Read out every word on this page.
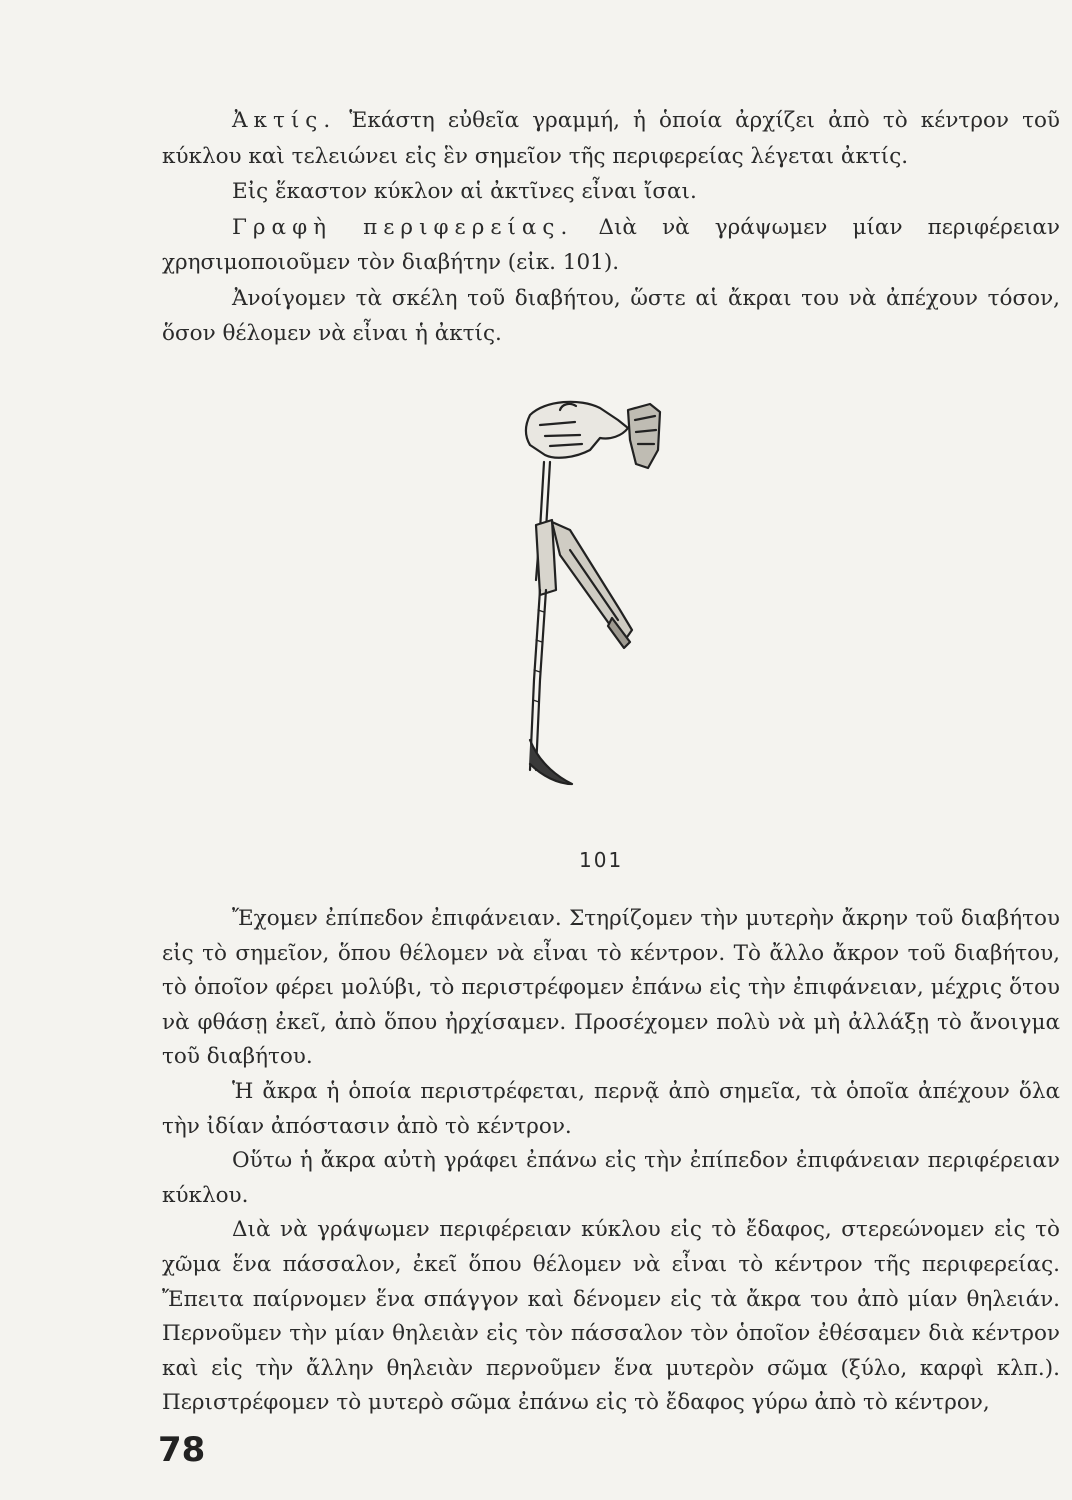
Ἀκτίς. Ἑκάστη εὐθεῖα γραμμή, ἡ ὁποία ἀρχίζει ἀπὸ τὸ κέντρον τοῦ κύκλου καὶ τελειώνει εἰς ἓν σημεῖον τῆς περιφερείας λέγεται ἀκτίς.

Εἰς ἕκαστον κύκλον αἱ ἀκτῖνες εἶναι ἴσαι.

Γραφὴ περιφερείας. Διὰ νὰ γράψωμεν μίαν περιφέρειαν χρησιμοποιοῦμεν τὸν διαβήτην (εἰκ. 101).

Ἀνοίγομεν τὰ σκέλη τοῦ διαβήτου, ὥστε αἱ ἄκραι του νὰ ἀπέχουν τόσον, ὅσον θέλομεν νὰ εἶναι ἡ ἀκτίς.

101

Ἔχομεν ἐπίπεδον ἐπιφάνειαν. Στηρίζομεν τὴν μυτερὴν ἄκρην τοῦ διαβήτου εἰς τὸ σημεῖον, ὅπου θέλομεν νὰ εἶναι τὸ κέντρον. Τὸ ἄλλο ἄκρον τοῦ διαβήτου, τὸ ὁποῖον φέρει μολύβι, τὸ περιστρέφομεν ἐπάνω εἰς τὴν ἐπιφάνειαν, μέχρις ὅτου νὰ φθάσῃ ἐκεῖ, ἀπὸ ὅπου ἠρχίσαμεν. Προσέχομεν πολὺ νὰ μὴ ἀλλάξῃ τὸ ἄνοιγμα τοῦ διαβήτου.

Ἡ ἄκρα ἡ ὁποία περιστρέφεται, περνᾷ ἀπὸ σημεῖα, τὰ ὁποῖα ἀπέχουν ὅλα τὴν ἰδίαν ἀπόστασιν ἀπὸ τὸ κέντρον.

Οὕτω ἡ ἄκρα αὐτὴ γράφει ἐπάνω εἰς τὴν ἐπίπεδον ἐπιφάνειαν περιφέρειαν κύκλου.

Διὰ νὰ γράψωμεν περιφέρειαν κύκλου εἰς τὸ ἔδαφος, στερεώνομεν εἰς τὸ χῶμα ἕνα πάσσαλον, ἐκεῖ ὅπου θέλομεν νὰ εἶναι τὸ κέντρον τῆς περιφερείας. Ἔπειτα παίρνομεν ἕνα σπάγγον καὶ δένομεν εἰς τὰ ἄκρα του ἀπὸ μίαν θηλειάν. Περνοῦμεν τὴν μίαν θηλειὰν εἰς τὸν πάσσαλον τὸν ὁποῖον ἐθέσαμεν διὰ κέντρον καὶ εἰς τὴν ἄλλην θηλειὰν περνοῦμεν ἕνα μυτερὸν σῶμα (ξύλο, καρφὶ κλπ.). Περιστρέφομεν τὸ μυτερὸ σῶμα ἐπάνω εἰς τὸ ἔδαφος γύρω ἀπὸ τὸ κέντρον,

78
